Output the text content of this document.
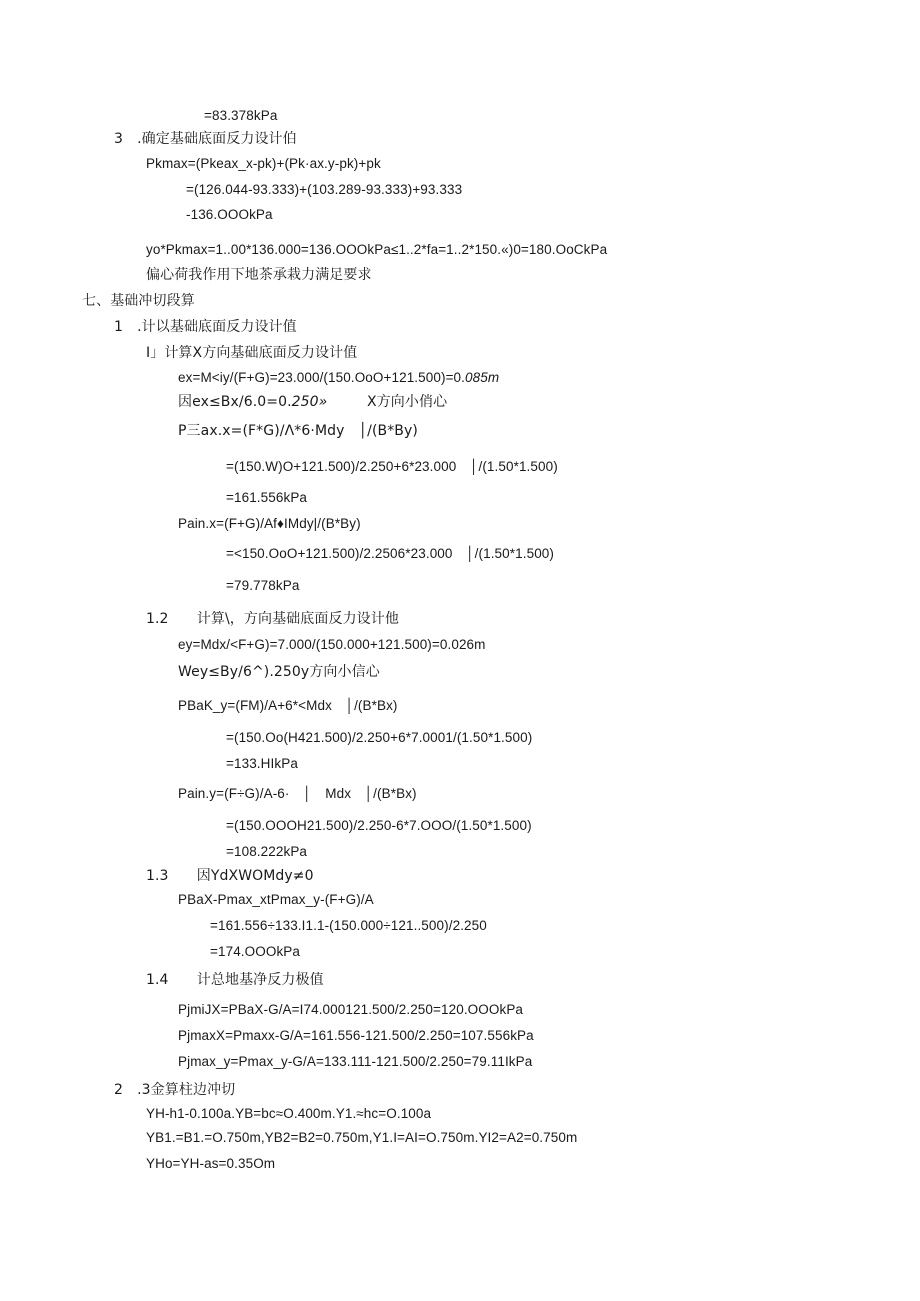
=83.378kPa
3　.确定基础底面反力设计伯
Pkmax=(Pkeax_x-pk)+(Pk·ax.y-pk)+pk
=(126.044-93.333)+(103.289-93.333)+93.333
-136.OOOkPa
yo*Pkmax=1..00*136.000=136.OOOkPa≤1..2*fa=1..2*150.«)0=180.OoCkPa
偏心荷我作用下地茶承栽力满足要求
七、基础冲切段算
1　.计以基础底面反力设计值
I」计算X方向基础底面反力设计值
ex=M<iy/(F+G)=23.000/(150.OoO+121.500)=0.085m
因ex≤Bx/6.0=0.250»	X方向小俏心
P三ax.x=(F*G)/Λ*6·Mdy　│/(B*By)
=(150.W)O+121.500)/2.250+6*23.000　│/(1.50*1.500)
=161.556kPa
Pain.x=(F+G)/Af♦IMdy|/(B*By)
=<150.OoO+121.500)/2.2506*23.000　│/(1.50*1.500)
=79.778kPa
1.2　　计算\，方向基础底面反力设计他
ey=Mdx/<F+G)=7.000/(150.000+121.500)=0.026m
Wey≤By/6^).250y方向小信心
PBaK_y=(FM)/A+6*<Mdx　│/(B*Bx)
=(150.Oo(H421.500)/2.250+6*7.0001/(1.50*1.500)
=133.HIkPa
Pain.y=(F÷G)/A-6·　│　Mdx　│/(B*Bx)
=(150.OOOH21.500)/2.250-6*7.OOO/(1.50*1.500)
=108.222kPa
1.3　　因YdXWOMdy≠0
PBaX-Pmax_xtPmax_y-(F+G)/A
=161.556÷133.I1.1-(150.000÷121..500)/2.250
=174.OOOkPa
1.4　　计总地基净反力极值
PjmiJX=PBaX-G/A=I74.000121.500/2.250=120.OOOkPa
PjmaxX=Pmaxx-G/A=161.556-121.500/2.250=107.556kPa
Pjmax_y=Pmax_y-G/A=133.111-121.500/2.250=79.11IkPa
2　.3金算柱边冲切
YH-h1-0.100a.YB=bc≈O.400m.Y1.≈hc=O.100a
YB1.=B1.=O.750m,YB2=B2=0.750m,Y1.I=AI=O.750m.YI2=A2=0.750m
YHo=YH-as=0.35Om
